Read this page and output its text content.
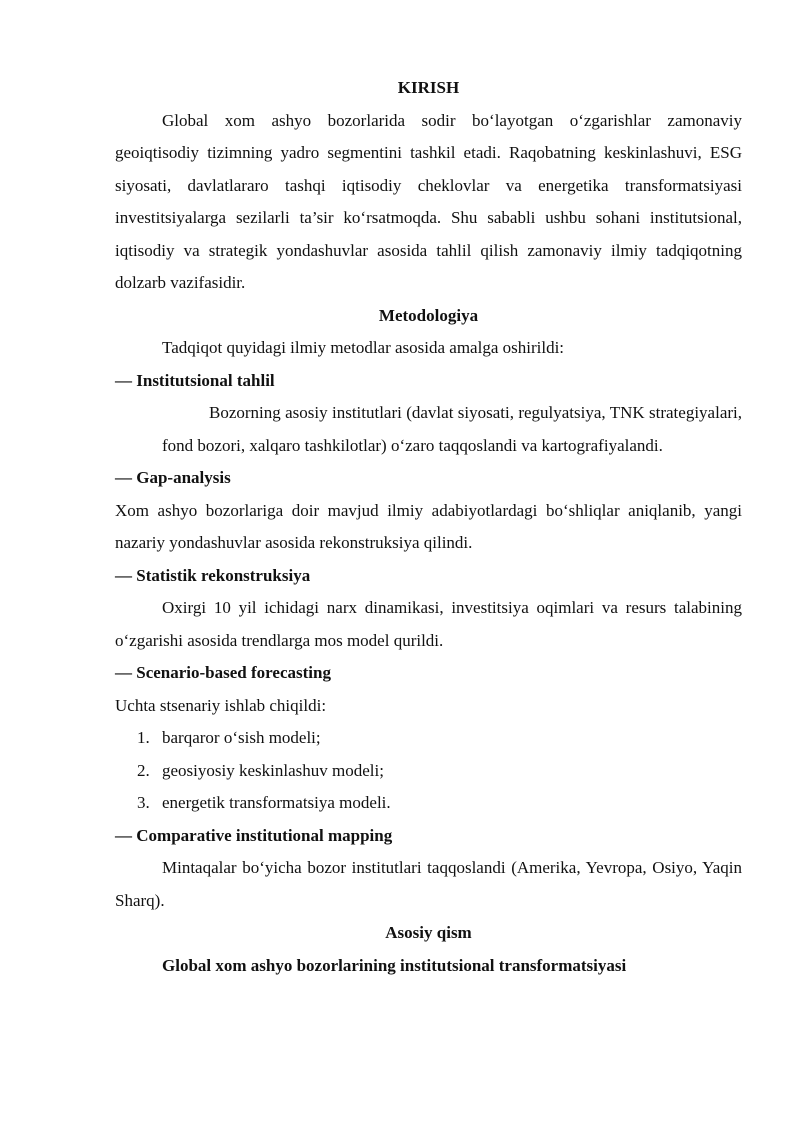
KIRISH

Global xom ashyo bozorlarida sodir bo‘layotgan o‘zgarishlar zamonaviy geoiqtisodiy tizimning yadro segmentini tashkil etadi. Raqobatning keskinlashuvi, ESG siyosati, davlatlararo tashqi iqtisodiy cheklovlar va energetika transformatsiyasi investitsiyalarga sezilarli ta’sir ko‘rsatmoqda. Shu sababli ushbu sohani institutsional, iqtisodiy va strategik yondashuvlar asosida tahlil qilish zamonaviy ilmiy tadqiqotning dolzarb vazifasidir.

Metodologiya

Tadqiqot quyidagi ilmiy metodlar asosida amalga oshirildi:

— Institutsional tahlil

Bozorning asosiy institutlari (davlat siyosati, regulyatsiya, TNK strategiyalari, fond bozori, xalqaro tashkilotlar) o‘zaro taqqoslandi va kartografiyalandi.

— Gap-analysis

Xom ashyo bozorlariga doir mavjud ilmiy adabiyotlardagi bo‘shliqlar aniqlanib, yangi nazariy yondashuvlar asosida rekonstruksiya qilindi.

— Statistik rekonstruksiya

Oxirgi 10 yil ichidagi narx dinamikasi, investitsiya oqimlari va resurs talabining o‘zgarishi asosida trendlarga mos model qurildi.

— Scenario-based forecasting

Uchta stsenariy ishlab chiqildi:

1. barqaror o‘sish modeli;
2. geosiyosiy keskinlashuv modeli;
3. energetik transformatsiya modeli.

— Comparative institutional mapping

Mintaqalar bo‘yicha bozor institutlari taqqoslandi (Amerika, Yevropa, Osiyo, Yaqin Sharq).

Asosiy qism

Global xom ashyo bozorlarining institutsional transformatsiyasi
